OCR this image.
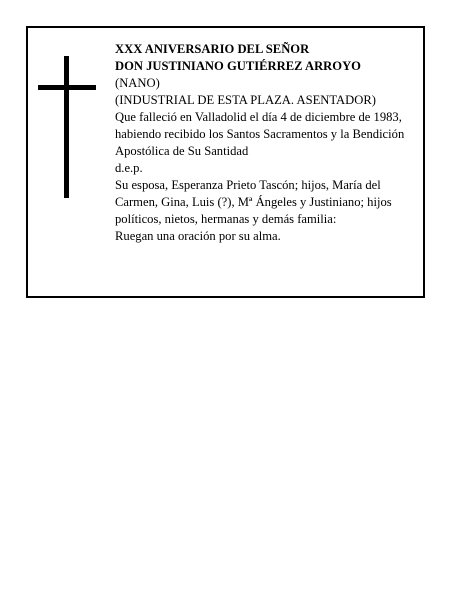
XXX ANIVERSARIO DEL SEÑOR

DON JUSTINIANO GUTIÉRREZ ARROYO

(NANO)

(INDUSTRIAL DE ESTA PLAZA. ASENTADOR)

Que falleció en Valladolid el día 4 de diciembre de 1983, habiendo recibido los Santos Sacramentos y la Bendición Apostólica de Su Santidad

d.e.p.

Su esposa, Esperanza Prieto Tascón; hijos, María del Carmen, Gina, Luis (?), Mª Ángeles y Justiniano; hijos políticos, nietos, hermanas y demás familia:

Ruegan una oración por su alma.
